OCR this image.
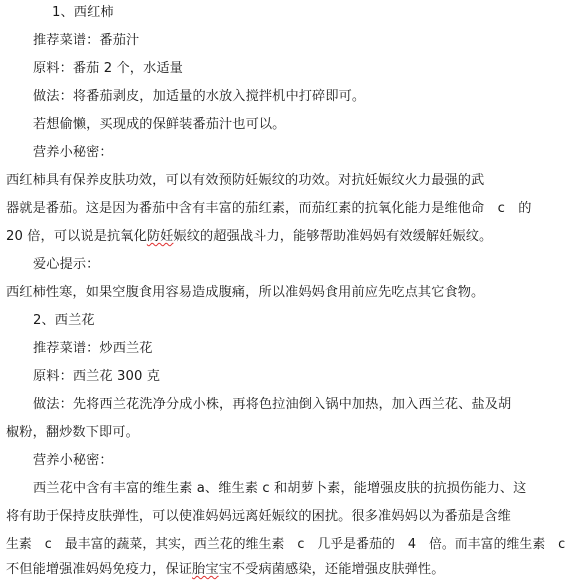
1、西红柿
推荐菜谱：番茄汁
原料：番茄 2 个，水适量
做法：将番茄剥皮，加适量的水放入搅拌机中打碎即可。
若想偷懒，买现成的保鲜装番茄汁也可以。
营养小秘密：
西红柿具有保养皮肤功效，可以有效预防妊娠纹的功效。对抗妊娠纹火力最强的武
器就是番茄。这是因为番茄中含有丰富的茄红素，而茄红素的抗氧化能力是维他命　c　的
20 倍，可以说是抗氧化防妊娠纹的超强战斗力，能够帮助准妈妈有效缓解妊娠纹。
爱心提示：
西红柿性寒，如果空腹食用容易造成腹痛，所以准妈妈食用前应先吃点其它食物。
2、西兰花
推荐菜谱：炒西兰花
原料：西兰花 300 克
做法：先将西兰花洗净分成小株，再将色拉油倒入锅中加热，加入西兰花、盐及胡
椒粉，翻炒数下即可。
营养小秘密：
西兰花中含有丰富的维生素 a、维生素 c 和胡萝卜素，能增强皮肤的抗损伤能力、这
将有助于保持皮肤弹性，可以使准妈妈远离妊娠纹的困扰。很多准妈妈以为番茄是含维
生素　c　最丰富的蔬菜，其实，西兰花的维生素　c　几乎是番茄的　4　倍。而丰富的维生素　c
不但能增强准妈妈免疫力，保证胎宝宝不受病菌感染，还能增强皮肤弹性。
